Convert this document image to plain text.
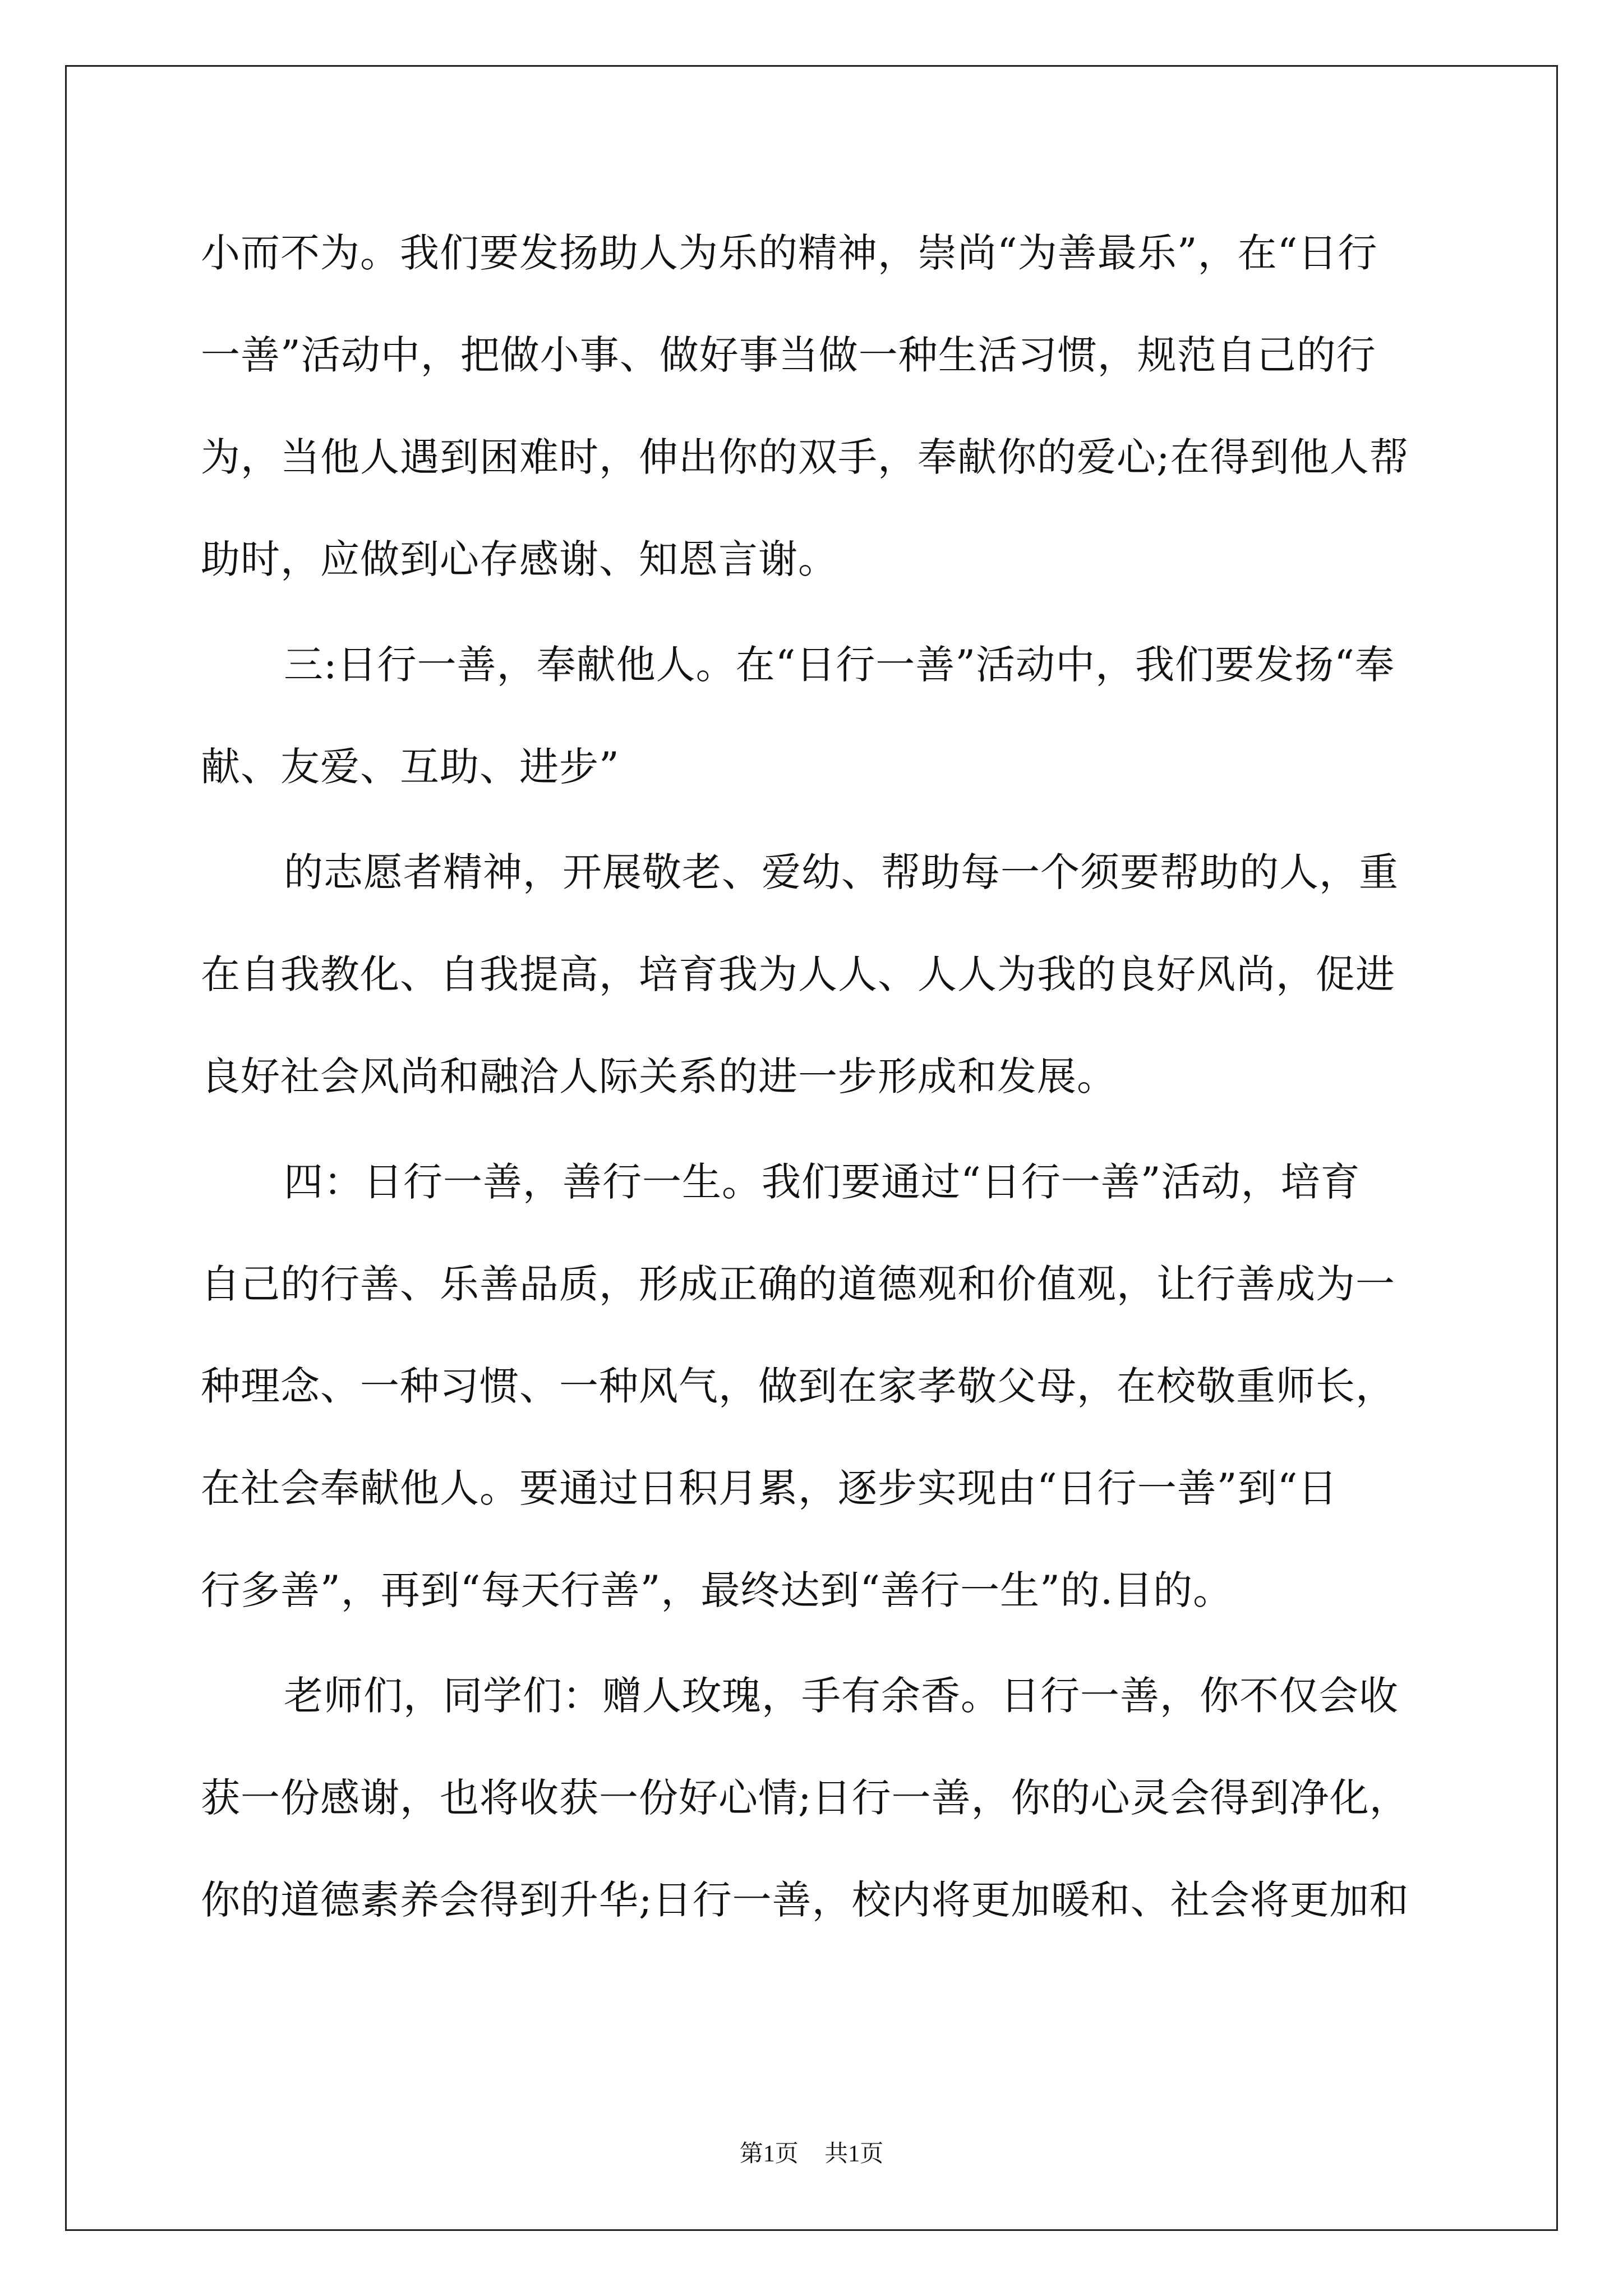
小而不为。我们要发扬助人为乐的精神，崇尚“为善最乐”，在“日行
一善”活动中，把做小事、做好事当做一种生活习惯，规范自己的行
为，当他人遇到困难时，伸出你的双手，奉献你的爱心;在得到他人帮
助时，应做到心存感谢、知恩言谢。
三:日行一善，奉献他人。在“日行一善”活动中，我们要发扬“奉
献、友爱、互助、进步”
的志愿者精神，开展敬老、爱幼、帮助每一个须要帮助的人，重
在自我教化、自我提高，培育我为人人、人人为我的良好风尚，促进
良好社会风尚和融洽人际关系的进一步形成和发展。
四：日行一善，善行一生。我们要通过“日行一善”活动，培育
自己的行善、乐善品质，形成正确的道德观和价值观，让行善成为一
种理念、一种习惯、一种风气，做到在家孝敬父母，在校敬重师长，
在社会奉献他人。要通过日积月累，逐步实现由“日行一善”到“日
行多善”，再到“每天行善”，最终达到“善行一生”的.目的。
老师们，同学们：赠人玫瑰，手有余香。日行一善，你不仅会收
获一份感谢，也将收获一份好心情;日行一善，你的心灵会得到净化，
你的道德素养会得到升华;日行一善，校内将更加暖和、社会将更加和
第1页 共1页
